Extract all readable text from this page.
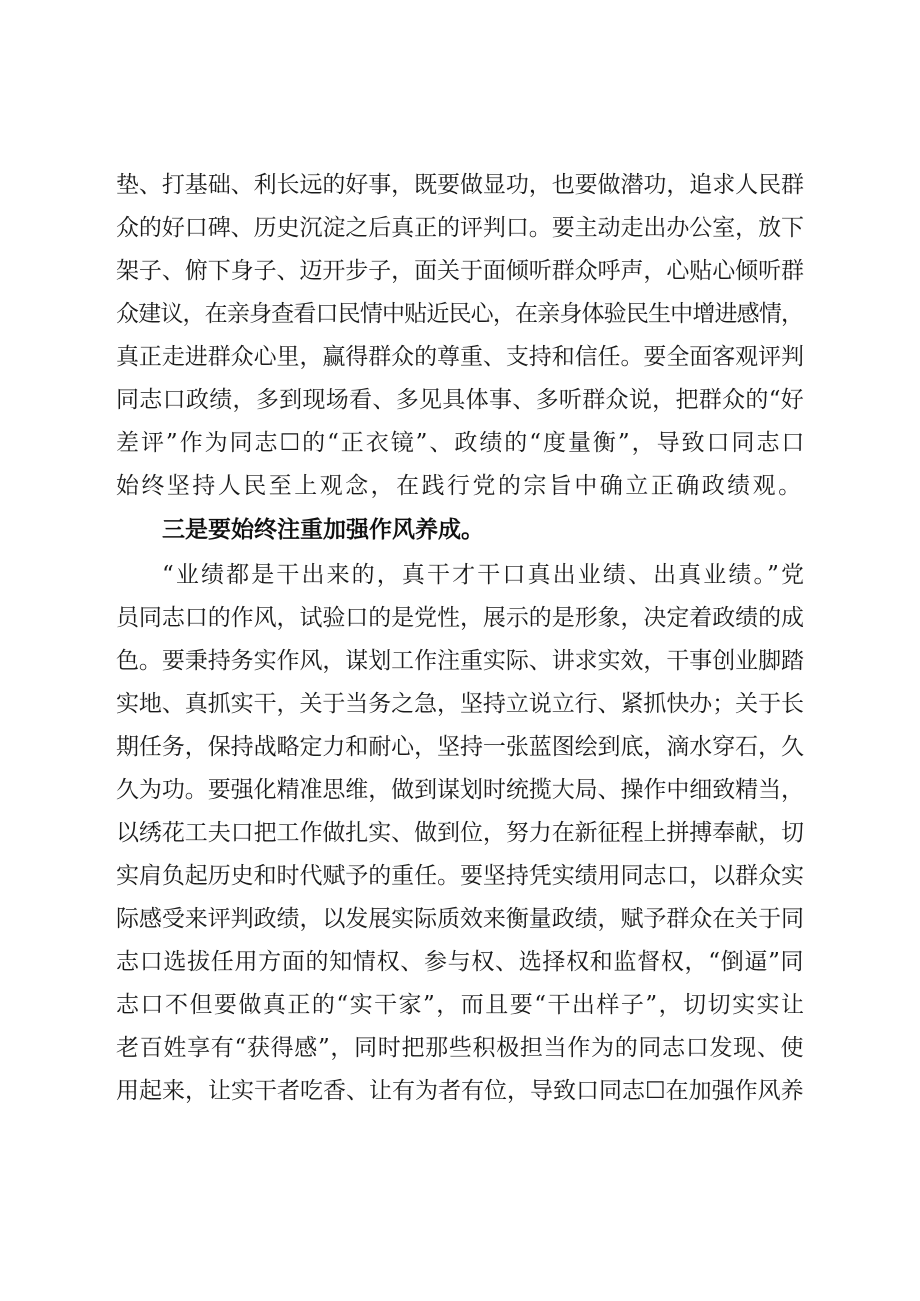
垫、打基础、利长远的好事，既要做显功，也要做潜功，追求人民群
众的好口碑、历史沉淀之后真正的评判口。要主动走出办公室，放下
架子、俯下身子、迈开步子，面关于面倾听群众呼声，心贴心倾听群
众建议，在亲身查看口民情中贴近民心，在亲身体验民生中增进感情，
真正走进群众心里，赢得群众的尊重、支持和信任。要全面客观评判
同志口政绩，多到现场看、多见具体事、多听群众说，把群众的“好
差评”作为同志☐的“正衣镜”、政绩的“度量衡”，导致口同志口
始终坚持人民至上观念，在践行党的宗旨中确立正确政绩观。
三是要始终注重加强作风养成。
“业绩都是干出来的，真干才干口真出业绩、出真业绩。”党
员同志口的作风，试验口的是党性，展示的是形象，决定着政绩的成
色。要秉持务实作风，谋划工作注重实际、讲求实效，干事创业脚踏
实地、真抓实干，关于当务之急，坚持立说立行、紧抓快办；关于长
期任务，保持战略定力和耐心，坚持一张蓝图绘到底，滴水穿石，久
久为功。要强化精准思维，做到谋划时统揽大局、操作中细致精当，
以绣花工夫口把工作做扎实、做到位，努力在新征程上拼搏奉献，切
实肩负起历史和时代赋予的重任。要坚持凭实绩用同志口，以群众实
际感受来评判政绩，以发展实际质效来衡量政绩，赋予群众在关于同
志口选拔任用方面的知情权、参与权、选择权和监督权，“倒逼”同
志口不但要做真正的“实干家”，而且要“干出样子”，切切实实让
老百姓享有“获得感”，同时把那些积极担当作为的同志口发现、使
用起来，让实干者吃香、让有为者有位，导致口同志☐在加强作风养
